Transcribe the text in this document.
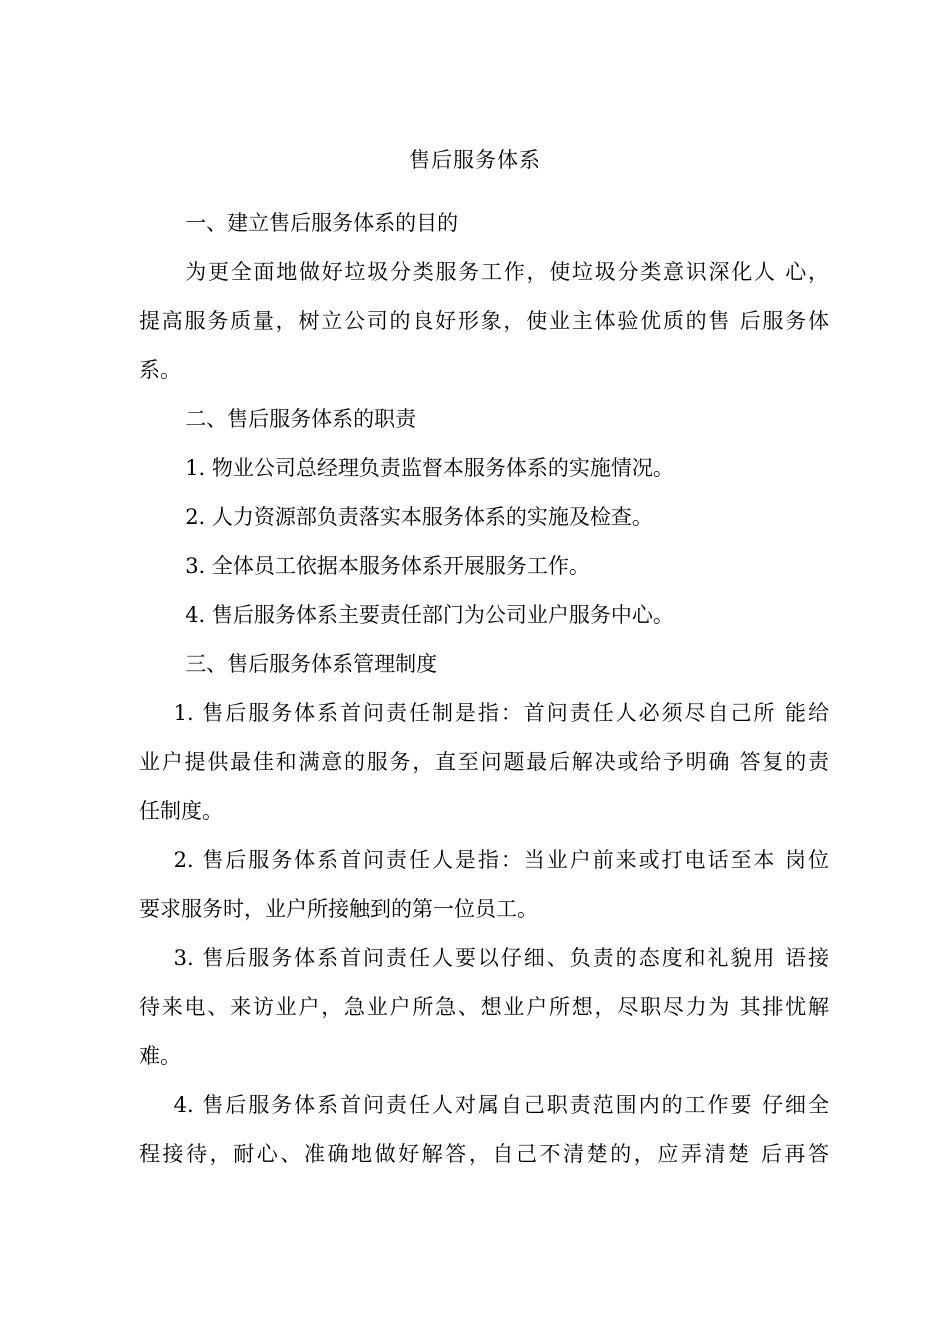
售后服务体系
一、建立售后服务体系的目的
为更全面地做好垃圾分类服务工作，使垃圾分类意识深化人 心，
提高服务质量，树立公司的良好形象，使业主体验优质的售 后服务体
系。
二、售后服务体系的职责
1. 物业公司总经理负责监督本服务体系的实施情况。
2. 人力资源部负责落实本服务体系的实施及检查。
3. 全体员工依据本服务体系开展服务工作。
4. 售后服务体系主要责任部门为公司业户服务中心。
三、售后服务体系管理制度
1. 售后服务体系首问责任制是指：首问责任人必须尽自己所 能给
业户提供最佳和满意的服务，直至问题最后解决或给予明确 答复的责
任制度。
2. 售后服务体系首问责任人是指：当业户前来或打电话至本 岗位
要求服务时，业户所接触到的第一位员工。
3. 售后服务体系首问责任人要以仔细、负责的态度和礼貌用 语接
待来电、来访业户，急业户所急、想业户所想，尽职尽力为 其排忧解
难。
4. 售后服务体系首问责任人对属自己职责范围内的工作要 仔细全
程接待，耐心、准确地做好解答，自己不清楚的，应弄清楚 后再答
